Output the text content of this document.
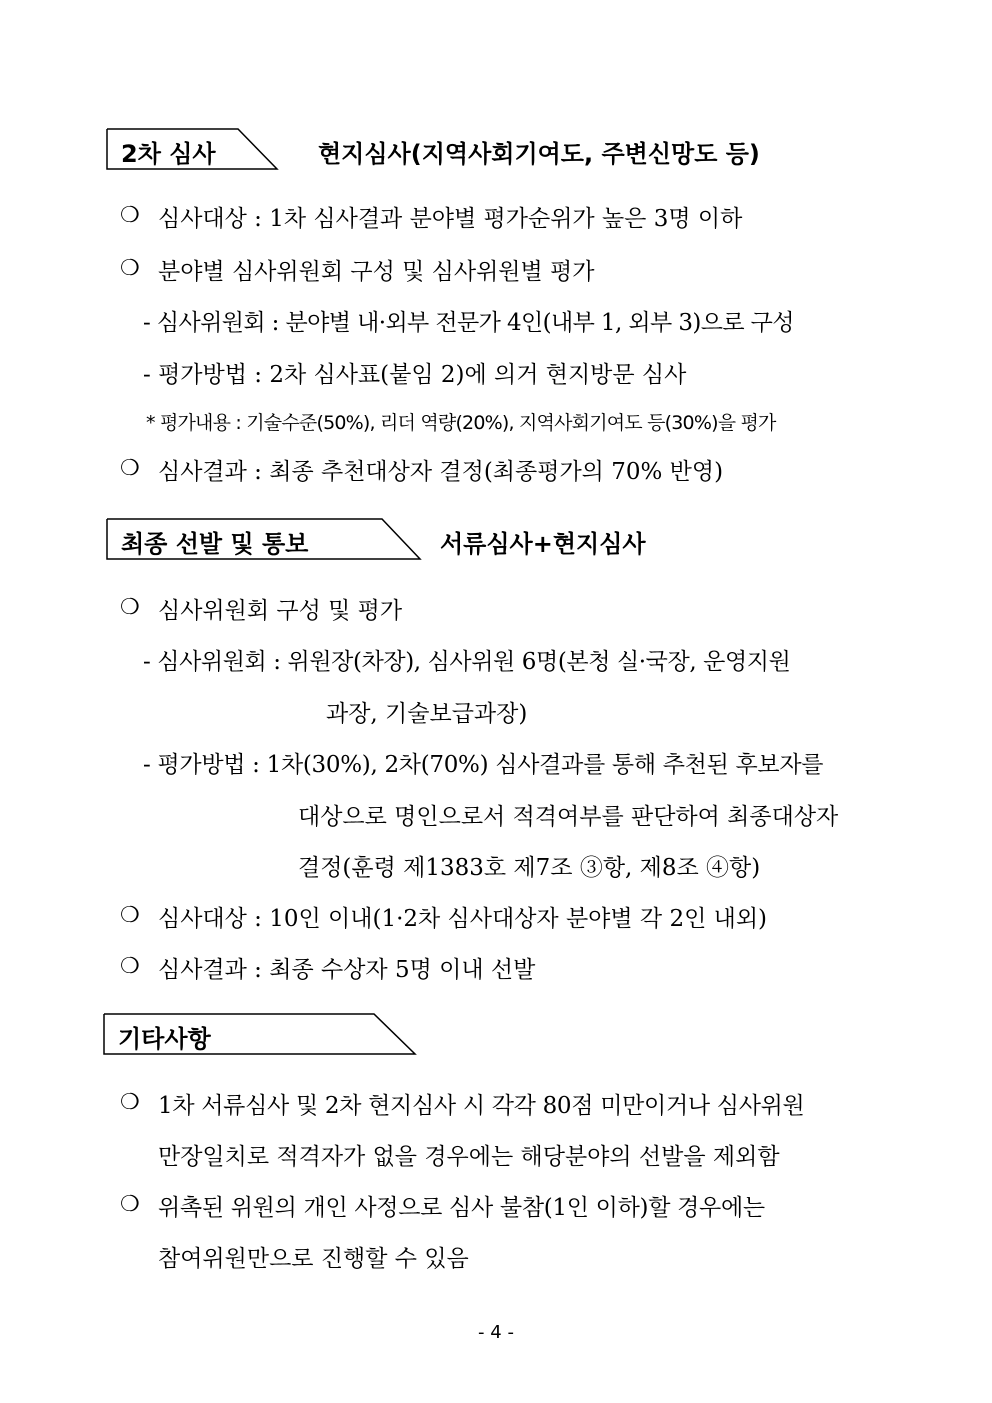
2차 심사	현지심사(지역사회기여도, 주변신망도 등)
❍ 심사대상 : 1차 심사결과 분야별 평가순위가 높은 3명 이하
❍ 분야별 심사위원회 구성 및 심사위원별 평가
- 심사위원회 : 분야별 내·외부 전문가 4인(내부 1, 외부 3)으로 구성
- 평가방법 : 2차 심사표(붙임 2)에 의거 현지방문 심사
* 평가내용 : 기술수준(50%), 리더 역량(20%), 지역사회기여도 등(30%)을 평가
❍ 심사결과 : 최종 추천대상자 결정(최종평가의 70% 반영)
최종 선발 및 통보	서류심사+현지심사
❍ 심사위원회 구성 및 평가
- 심사위원회 : 위원장(차장), 심사위원 6명(본청 실·국장, 운영지원
과장, 기술보급과장)
- 평가방법 : 1차(30%), 2차(70%) 심사결과를 통해 추천된 후보자를
대상으로 명인으로서 적격여부를 판단하여 최종대상자
결정(훈령 제1383호 제7조 ③항, 제8조 ④항)
❍ 심사대상 : 10인 이내(1·2차 심사대상자 분야별 각 2인 내외)
❍ 심사결과 : 최종 수상자 5명 이내 선발
기타사항
❍ 1차 서류심사 및 2차 현지심사 시 각각 80점 미만이거나 심사위원
만장일치로 적격자가 없을 경우에는 해당분야의 선발을 제외함
❍ 위촉된 위원의 개인 사정으로 심사 불참(1인 이하)할 경우에는
참여위원만으로 진행할 수 있음
- 4 -
